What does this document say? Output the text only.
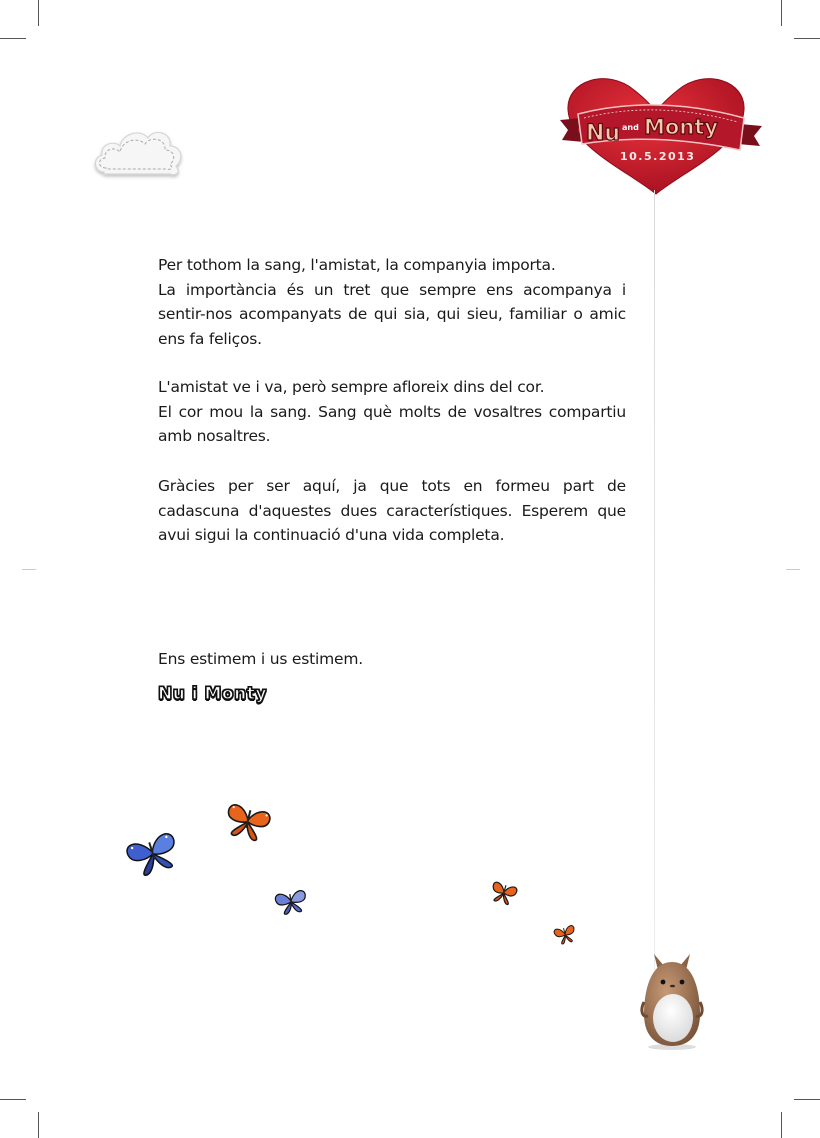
Nu and Monty
10.5.2013
Per tothom la sang, l'amistat, la companyia importa.
La importància és un tret que sempre ens acompanya i
sentir-nos acompanyats de qui sia, qui sieu, familiar o amic
ens fa feliços.
L'amistat ve i va, però sempre afloreix dins del cor.
El cor mou la sang. Sang què molts de vosaltres compartiu
amb nosaltres.
Gràcies per ser aquí, ja que tots en formeu part de
cadascuna d'aquestes dues característiques. Esperem que
avui sigui la continuació d'una vida completa.
Ens estimem i us estimem.
Nu i Monty
